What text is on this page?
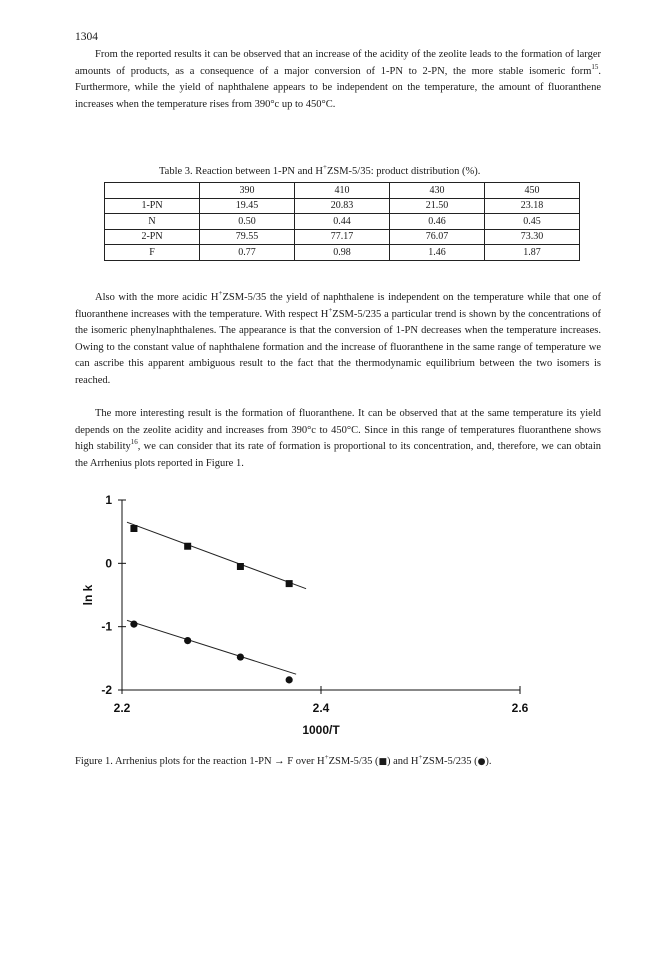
1304

From the reported results it can be observed that an increase of the acidity of the zeolite leads to the formation of larger amounts of products, as a consequence of a major conversion of 1-PN to 2-PN, the more stable isomeric form$^{15}$. Furthermore, while the yield of naphthalene appears to be independent on the temperature, the amount of fluoranthene increases when the temperature rises from 390°c up to 450°C.

Table 3. Reaction between 1-PN and H+ZSM-5/35: product distribution (%).
	390	410	430	450
1-PN	19.45	20.83	21.50	23.18
N	0.50	0.44	0.46	0.45
2-PN	79.55	77.17	76.07	73.30
F	0.77	0.98	1.46	1.87

Also with the more acidic H+ZSM-5/35 the yield of naphthalene is independent on the temperature while that one of fluoranthene increases with the temperature. With respect H+ZSM-5/235 a particular trend is shown by the concentrations of the isomeric phenylnaphthalenes. The appearance is that the conversion of 1-PN decreases when the temperature increases. Owing to the constant value of naphthalene formation and the increase of fluoranthene in the same range of temperature we can ascribe this apparent ambiguous result to the fact that the thermodynamic equilibrium between the two isomers is reached.

The more interesting result is the formation of fluoranthene. It can be observed that at the same temperature its yield depends on the zeolite acidity and increases from 390°c to 450°C. Since in this range of temperatures fluoranthene shows high stability$^{16}$, we can consider that its rate of formation is proportional to its concentration, and, therefore, we can obtain the Arrhenius plots reported in Figure 1.

1
0
-1
-2
2.2	2.4	2.6
1000/T
ln k
Figure 1. Arrhenius plots for the reaction 1-PN → F over H+ZSM-5/35 (■) and H+ZSM-5/235 (●).
